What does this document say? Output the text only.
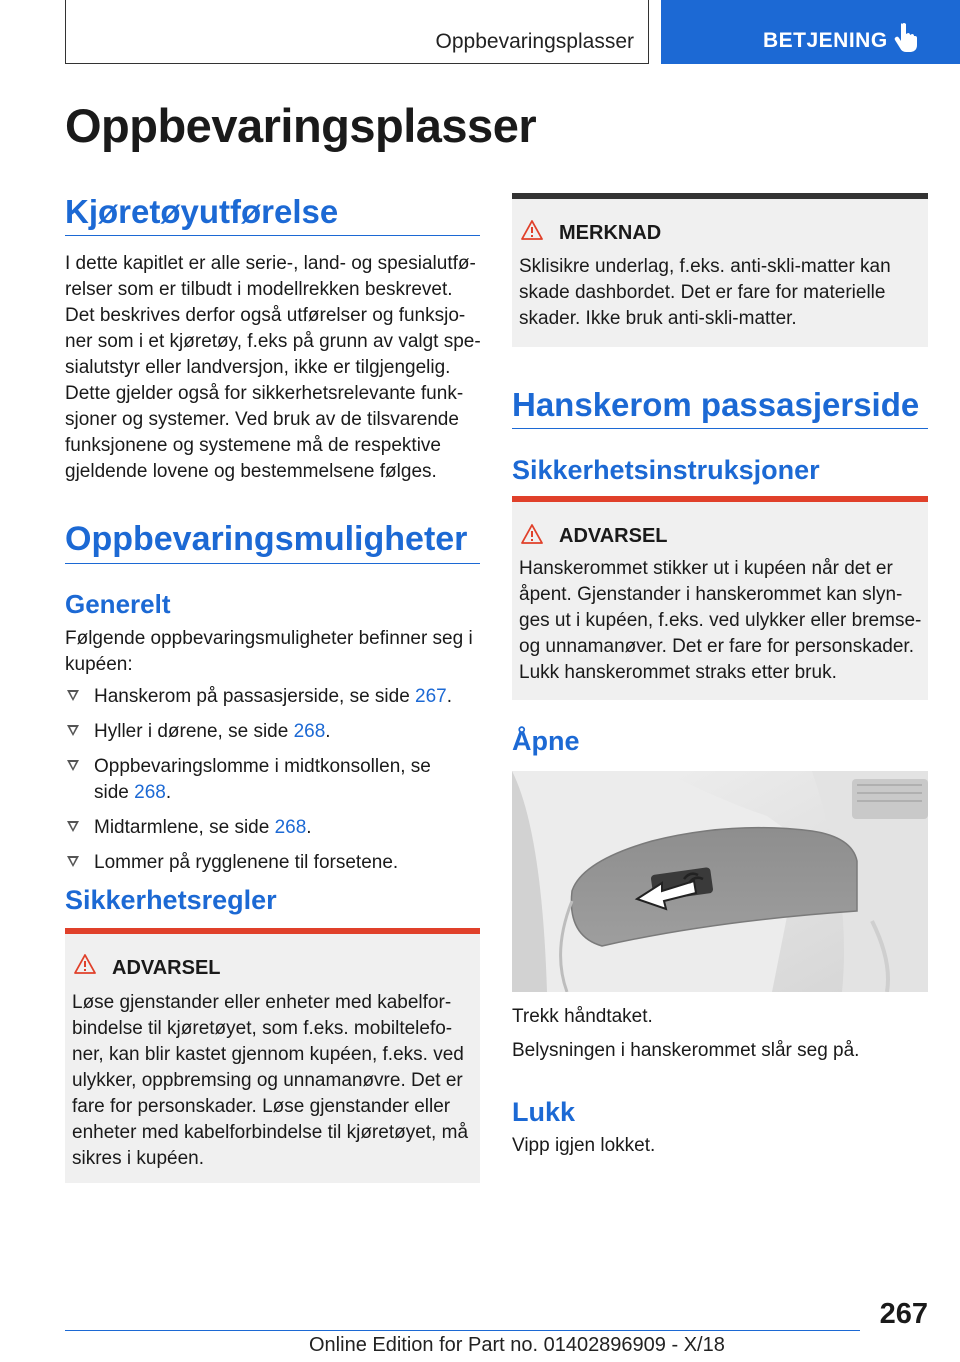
Oppbevaringsplasser	BETJENING
Oppbevaringsplasser
Kjøretøyutførelse
I dette kapitlet er alle serie-, land- og spesialutfø-
relser som er tilbudt i modellrekken beskrevet.
Det beskrives derfor også utførelser og funksjo-
ner som i et kjøretøy, f.eks på grunn av valgt spe-
sialutstyr eller landversjon, ikke er tilgjengelig.
Dette gjelder også for sikkerhetsrelevante funk-
sjoner og systemer. Ved bruk av de tilsvarende
funksjonene og systemene må de respektive
gjeldende lovene og bestemmelsene følges.
Oppbevaringsmuligheter
Generelt
Følgende oppbevaringsmuligheter befinner seg i
kupéen:
Hanskerom på passasjerside, se side 267.
Hyller i dørene, se side 268.
Oppbevaringslomme i midtkonsollen, se side 268.
Midtarmlene, se side 268.
Lommer på rygglenene til forsetene.
Sikkerhetsregler
ADVARSEL
Løse gjenstander eller enheter med kabelfor-
bindelse til kjøretøyet, som f.eks. mobiltelefo-
ner, kan blir kastet gjennom kupéen, f.eks. ved
ulykker, oppbremsing og unnamanøvre. Det er
fare for personskader. Løse gjenstander eller
enheter med kabelforbindelse til kjøretøyet, må
sikres i kupéen.
MERKNAD
Sklisikre underlag, f.eks. anti-skli-matter kan
skade dashbordet. Det er fare for materielle
skader. Ikke bruk anti-skli-matter.
Hanskerom passasjerside
Sikkerhetsinstruksjoner
ADVARSEL
Hanskerommet stikker ut i kupéen når det er
åpent. Gjenstander i hanskerommet kan slyn-
ges ut i kupéen, f.eks. ved ulykker eller bremse-
og unnamanøver. Det er fare for personskader.
Lukk hanskerommet straks etter bruk.
Åpne
Trekk håndtaket.
Belysningen i hanskerommet slår seg på.
Lukk
Vipp igjen lokket.
267
Online Edition for Part no. 01402896909 - X/18
